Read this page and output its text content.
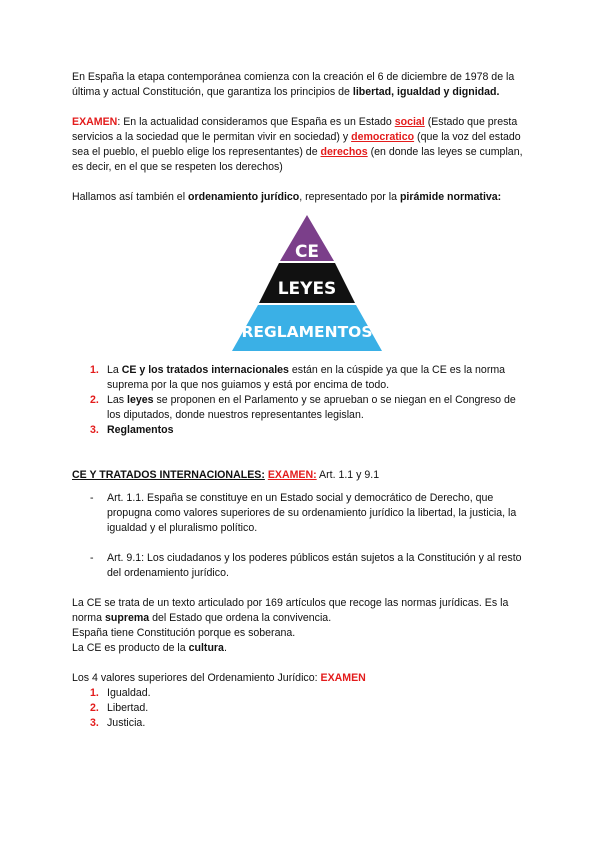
En España la etapa contemporánea comienza con la creación el 6 de diciembre de 1978 de la última y actual Constitución, que garantiza los principios de libertad, igualdad y dignidad.

EXAMEN: En la actualidad consideramos que España es un Estado social (Estado que presta servicios a la sociedad que le permitan vivir en sociedad) y democratico (que la voz del estado sea el pueblo, el pueblo elige los representantes) de derechos (en donde las leyes se cumplan, es decir, en el que se respeten los derechos)

Hallamos así también el ordenamiento jurídico, representado por la pirámide normativa:

CE
LEYES
REGLAMENTOS
1. La CE y los tratados internacionales están en la cúspide ya que la CE es la norma suprema por la que nos guiamos y está por encima de todo.
2. Las leyes se proponen en el Parlamento y se aprueban o se niegan en el Congreso de los diputados, donde nuestros representantes legislan.
3. Reglamentos

CE Y TRATADOS INTERNACIONALES: EXAMEN: Art. 1.1 y 9.1

- Art. 1.1. España se constituye en un Estado social y democrático de Derecho, que propugna como valores superiores de su ordenamiento jurídico la libertad, la justicia, la igualdad y el pluralismo político.
- Art. 9.1: Los ciudadanos y los poderes públicos están sujetos a la Constitución y al resto del ordenamiento jurídico.

La CE se trata de un texto articulado por 169 artículos que recoge las normas jurídicas. Es la norma suprema del Estado que ordena la convivencia.
España tiene Constitución porque es soberana.
La CE es producto de la cultura.

Los 4 valores superiores del Ordenamiento Jurídico: EXAMEN

1. Igualdad.
2. Libertad.
3. Justicia.
